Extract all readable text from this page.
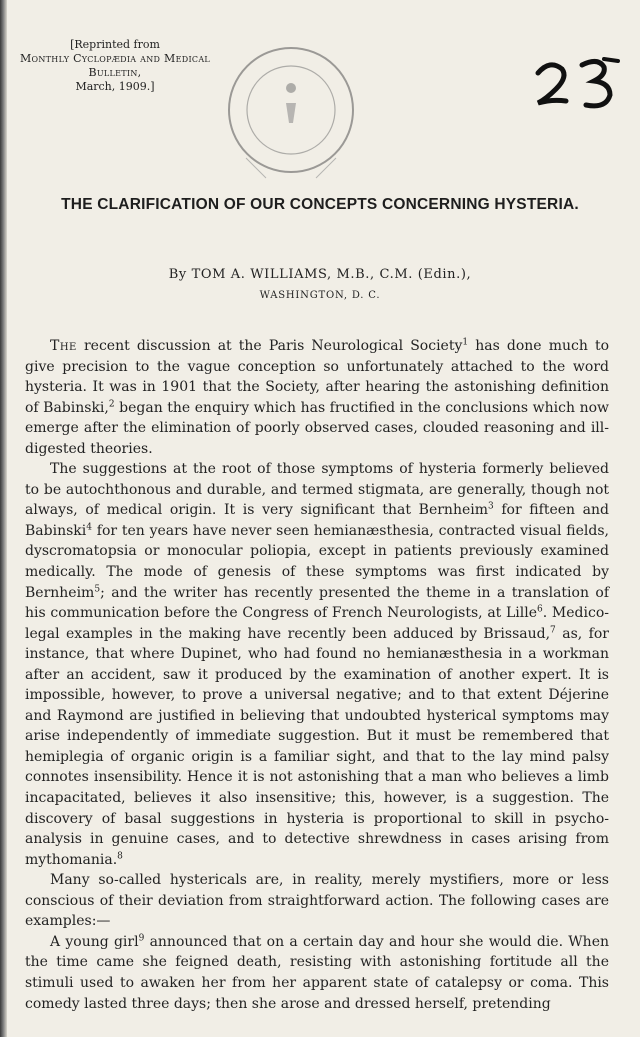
[Reprinted from
Monthly Cyclopædia and Medical Bulletin,
March, 1909.]
THE CLARIFICATION OF OUR CONCEPTS CONCERNING HYSTERIA.
By TOM A. WILLIAMS, M.B., C.M. (Edin.),
WASHINGTON, D. C.

The recent discussion at the Paris Neurological Society$^1$ has done much to give precision to the vague conception so unfortunately attached to the word hysteria. It was in 1901 that the Society, after hearing the astonishing definition of Babinski,$^2$ began the enquiry which has fructified in the conclusions which now emerge after the elimination of poorly observed cases, clouded reasoning and ill-digested theories.

The suggestions at the root of those symptoms of hysteria formerly believed to be autochthonous and durable, and termed stigmata, are generally, though not always, of medical origin. It is very significant that Bernheim$^3$ for fifteen and Babinski$^4$ for ten years have never seen hemianæsthesia, contracted visual fields, dyscromatopsia or monocular poliopia, except in patients previously examined medically. The mode of genesis of these symptoms was first indicated by Bernheim$^5$; and the writer has recently presented the theme in a translation of his communication before the Congress of French Neurologists, at Lille$^6$. Medico-legal examples in the making have recently been adduced by Brissaud,$^7$ as, for instance, that where Dupinet, who had found no hemianæsthesia in a workman after an accident, saw it produced by the examination of another expert. It is impossible, however, to prove a universal negative; and to that extent Déjerine and Raymond are justified in believing that undoubted hysterical symptoms may arise independently of immediate suggestion. But it must be remembered that hemiplegia of organic origin is a familiar sight, and that to the lay mind palsy connotes insensibility. Hence it is not astonishing that a man who believes a limb incapacitated, believes it also insensitive; this, however, is a suggestion. The discovery of basal suggestions in hysteria is proportional to skill in psycho-analysis in genuine cases, and to detective shrewdness in cases arising from mythomania.$^8$

Many so-called hystericals are, in reality, merely mystifiers, more or less conscious of their deviation from straightforward action. The following cases are examples:—

A young girl$^9$ announced that on a certain day and hour she would die. When the time came she feigned death, resisting with astonishing fortitude all the stimuli used to awaken her from her apparent state of catalepsy or coma. This comedy lasted three days; then she arose and dressed herself, pretending
